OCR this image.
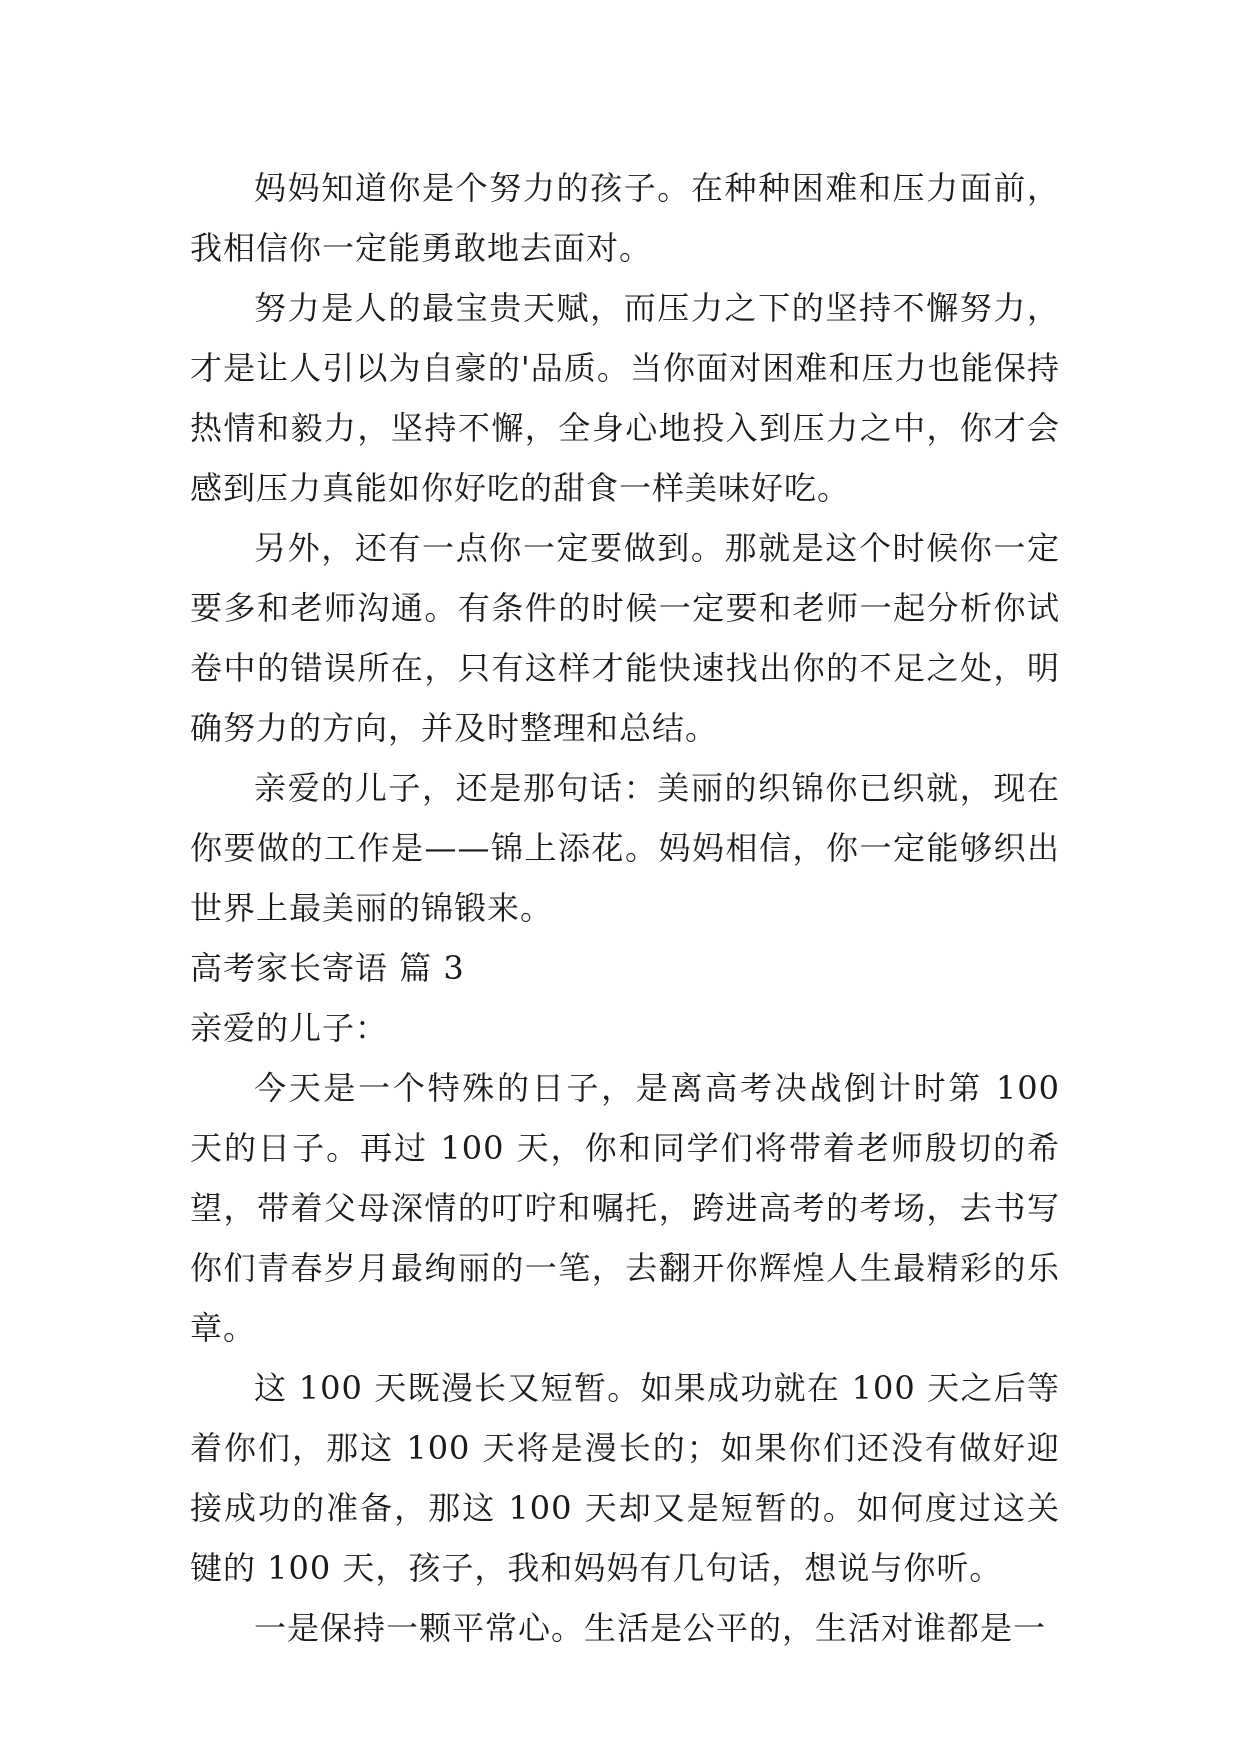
妈妈知道你是个努力的孩子。在种种困难和压力面前，我相信你一定能勇敢地去面对。

努力是人的最宝贵天赋，而压力之下的坚持不懈努力，才是让人引以为自豪的'品质。当你面对困难和压力也能保持热情和毅力，坚持不懈，全身心地投入到压力之中，你才会感到压力真能如你好吃的甜食一样美味好吃。

另外，还有一点你一定要做到。那就是这个时候你一定要多和老师沟通。有条件的时候一定要和老师一起分析你试卷中的错误所在，只有这样才能快速找出你的不足之处，明确努力的方向，并及时整理和总结。

亲爱的儿子，还是那句话：美丽的织锦你已织就，现在你要做的工作是——锦上添花。妈妈相信，你一定能够织出世界上最美丽的锦锻来。

高考家长寄语 篇 3

亲爱的儿子：

今天是一个特殊的日子，是离高考决战倒计时第 100 天的日子。再过 100 天，你和同学们将带着老师殷切的希望，带着父母深情的叮咛和嘱托，跨进高考的考场，去书写你们青春岁月最绚丽的一笔，去翻开你辉煌人生最精彩的乐章。

这 100 天既漫长又短暂。如果成功就在 100 天之后等着你们，那这 100 天将是漫长的；如果你们还没有做好迎接成功的准备，那这 100 天却又是短暂的。如何度过这关键的 100 天，孩子，我和妈妈有几句话，想说与你听。

一是保持一颗平常心。生活是公平的，生活对谁都是一
